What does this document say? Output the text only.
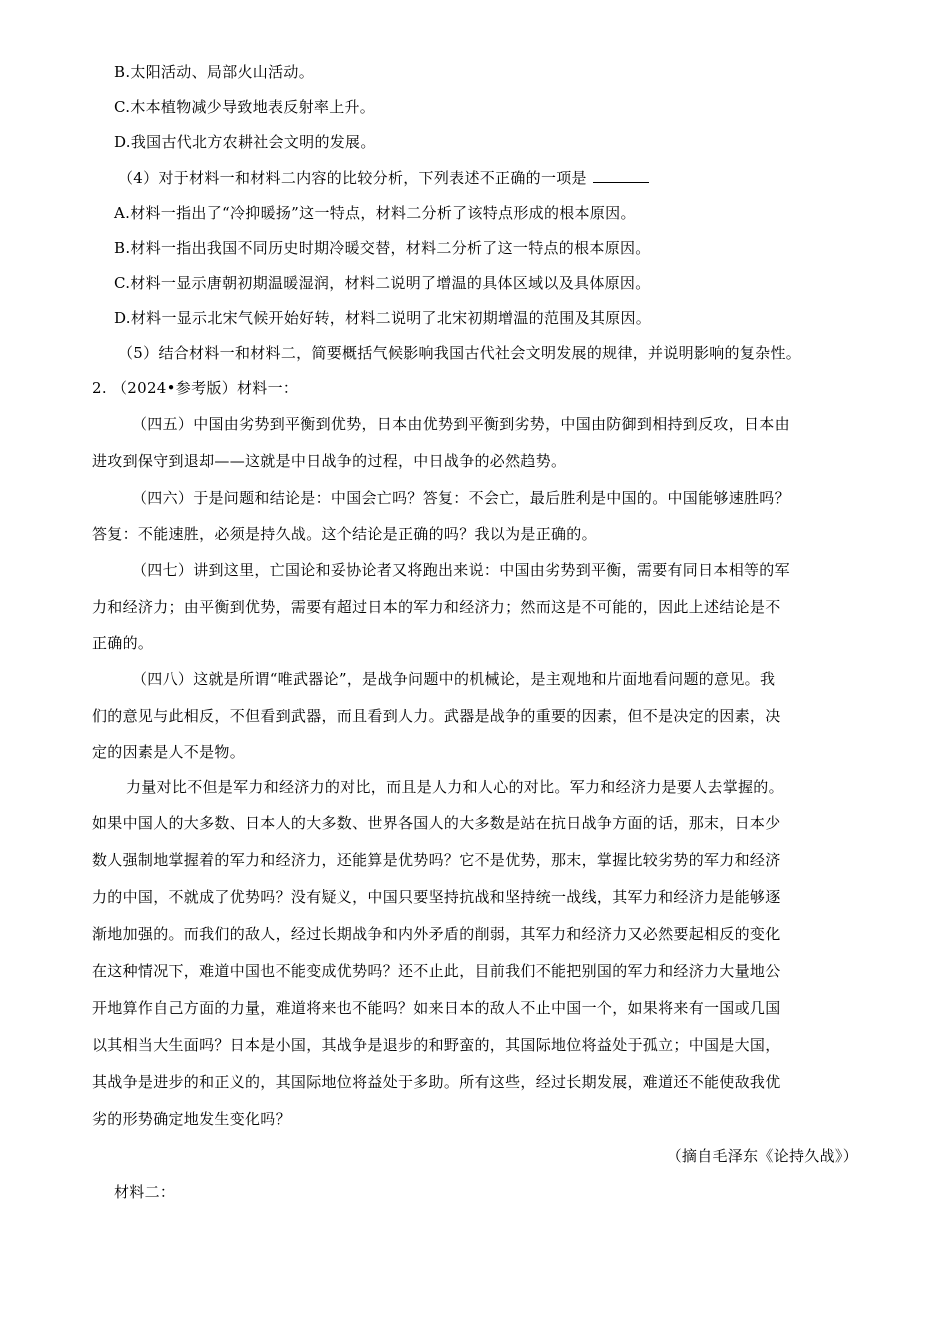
B.太阳活动、局部火山活动。
C.木本植物减少导致地表反射率上升。
D.我国古代北方农耕社会文明的发展。
（4）对于材料一和材料二内容的比较分析，下列表述不正确的一项是
A.材料一指出了“冷抑暖扬”这一特点，材料二分析了该特点形成的根本原因。
B.材料一指出我国不同历史时期冷暖交替，材料二分析了这一特点的根本原因。
C.材料一显示唐朝初期温暖湿润，材料二说明了增温的具体区域以及具体原因。
D.材料一显示北宋气候开始好转，材料二说明了北宋初期增温的范围及其原因。
（5）结合材料一和材料二，简要概括气候影响我国古代社会文明发展的规律，并说明影响的复杂性。
2. （2024•参考版）材料一：
（四五）中国由劣势到平衡到优势，日本由优势到平衡到劣势，中国由防御到相持到反攻，日本由
进攻到保守到退却——这就是中日战争的过程，中日战争的必然趋势。
（四六）于是问题和结论是：中国会亡吗？答复：不会亡，最后胜利是中国的。中国能够速胜吗？
答复：不能速胜，必须是持久战。这个结论是正确的吗？我以为是正确的。
（四七）讲到这里，亡国论和妥协论者又将跑出来说：中国由劣势到平衡，需要有同日本相等的军
力和经济力；由平衡到优势，需要有超过日本的军力和经济力；然而这是不可能的，因此上述结论是不
正确的。
（四八）这就是所谓“唯武器论”，是战争问题中的机械论，是主观地和片面地看问题的意见。我
们的意见与此相反，不但看到武器，而且看到人力。武器是战争的重要的因素，但不是决定的因素，决
定的因素是人不是物。
力量对比不但是军力和经济力的对比，而且是人力和人心的对比。军力和经济力是要人去掌握的。
如果中国人的大多数、日本人的大多数、世界各国人的大多数是站在抗日战争方面的话，那末，日本少
数人强制地掌握着的军力和经济力，还能算是优势吗？它不是优势，那末，掌握比较劣势的军力和经济
力的中国，不就成了优势吗？没有疑义，中国只要坚持抗战和坚持统一战线，其军力和经济力是能够逐
渐地加强的。而我们的敌人，经过长期战争和内外矛盾的削弱，其军力和经济力又必然要起相反的变化
在这种情况下，难道中国也不能变成优势吗？还不止此，目前我们不能把别国的军力和经济力大量地公
开地算作自己方面的力量，难道将来也不能吗？如来日本的敌人不止中国一个，如果将来有一国或几国
以其相当大生面吗？日本是小国，其战争是退步的和野蛮的，其国际地位将益处于孤立；中国是大国，
其战争是进步的和正义的，其国际地位将益处于多助。所有这些，经过长期发展，难道还不能使敌我优
劣的形势确定地发生变化吗？
（摘自毛泽东《论持久战》）
材料二：
